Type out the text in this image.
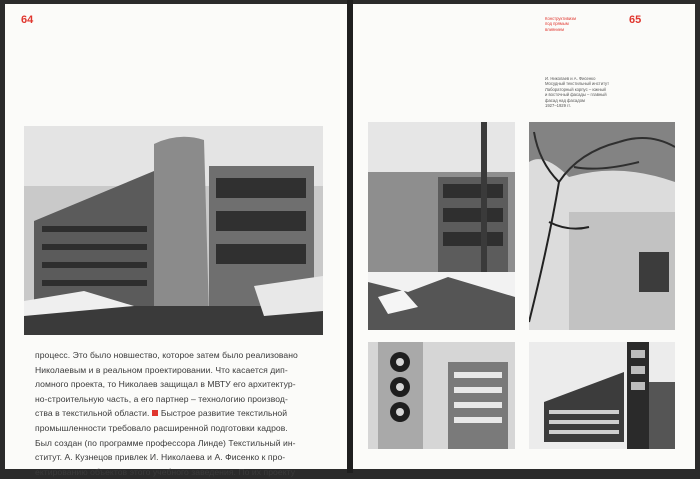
64
процесс. Это было новшество, которое затем было реализовано
Николаевым и в реальном проектировании. Что касается дип-
ломного проекта, то Николаев защищал в МВТУ его архитектур-
но-строительную часть, а его партнер – технологию производ-
ства в текстильной области. Быстрое развитие текстильной
промышленности требовало расширенной подготовки кадров.
Был создан (по программе профессора Линде) Текстильный ин-
ститут. А. Кузнецов привлек И. Николаева и А. Фисенко к про-
ектированию объектов этого учебного заведения. По их проекту
Конструктивизм
под прямым
влиянием
65
И. Николаев и А. Фисенко
Мосудный текстильный институт
Лабораторный корпус – южный
и восточный фасады – главный
фасад над фасадом
1927–1929 гг.
